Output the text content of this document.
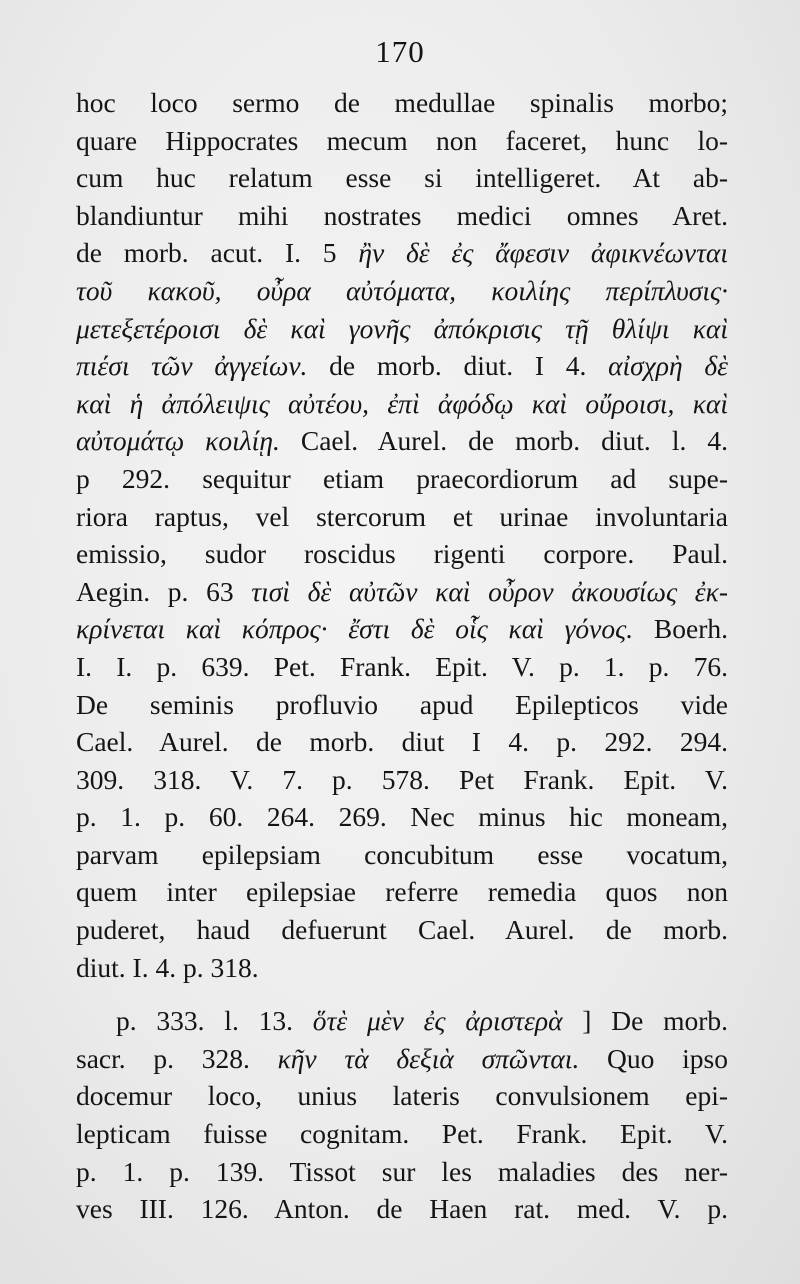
170
hoc loco sermo de medullae spinalis morbo;
quare Hippocrates mecum non faceret, hunc lo-
cum huc relatum esse si intelligeret. At ab-
blandiuntur mihi nostrates medici omnes Aret.
de morb. acut. I. 5 ἢν δὲ ἐς ἄφεσιν ἀφικνέωνται
τοῦ κακοῦ, οὖρα αὐτόματα, κοιλίης περίπλυσις·
μετεξετέροισι δὲ καὶ γονῆς ἀπόκρισις τῇ θλίψι καὶ
πιέσι τῶν ἀγγείων. de morb. diut. I 4. αἰσχρὴ δὲ
καὶ ἡ ἀπόλειψις αὐτέου, ἐπὶ ἀφόδῳ καὶ οὔροισι, καὶ
αὐτομάτῳ κοιλίῃ. Cael. Aurel. de morb. diut. l. 4.
p 292. sequitur etiam praecordiorum ad supe-
riora raptus, vel stercorum et urinae involuntaria
emissio, sudor roscidus rigenti corpore. Paul.
Aegin. p. 63 τισὶ δὲ αὐτῶν καὶ οὖρον ἀκουσίως ἐκ-
κρίνεται καὶ κόπρος· ἔστι δὲ οἷς καὶ γόνος. Boerh.
I. I. p. 639. Pet. Frank. Epit. V. p. 1. p. 76.
De seminis profluvio apud Epilepticos vide
Cael. Aurel. de morb. diut I 4. p. 292. 294.
309. 318. V. 7. p. 578. Pet Frank. Epit. V.
p. 1. p. 60. 264. 269. Nec minus hic moneam,
parvam epilepsiam concubitum esse vocatum,
quem inter epilepsiae referre remedia quos non
puderet, haud defuerunt Cael. Aurel. de morb.
diut. I. 4. p. 318.
p. 333. l. 13. ὅτὲ μὲν ἐς ἀριστερὰ ] De morb.
sacr. p. 328. κῆν τὰ δεξιὰ σπῶνται. Quo ipso
docemur loco, unius lateris convulsionem epi-
lepticam fuisse cognitam. Pet. Frank. Epit. V.
p. 1. p. 139. Tissot sur les maladies des ner-
ves III. 126. Anton. de Haen rat. med. V. p.
